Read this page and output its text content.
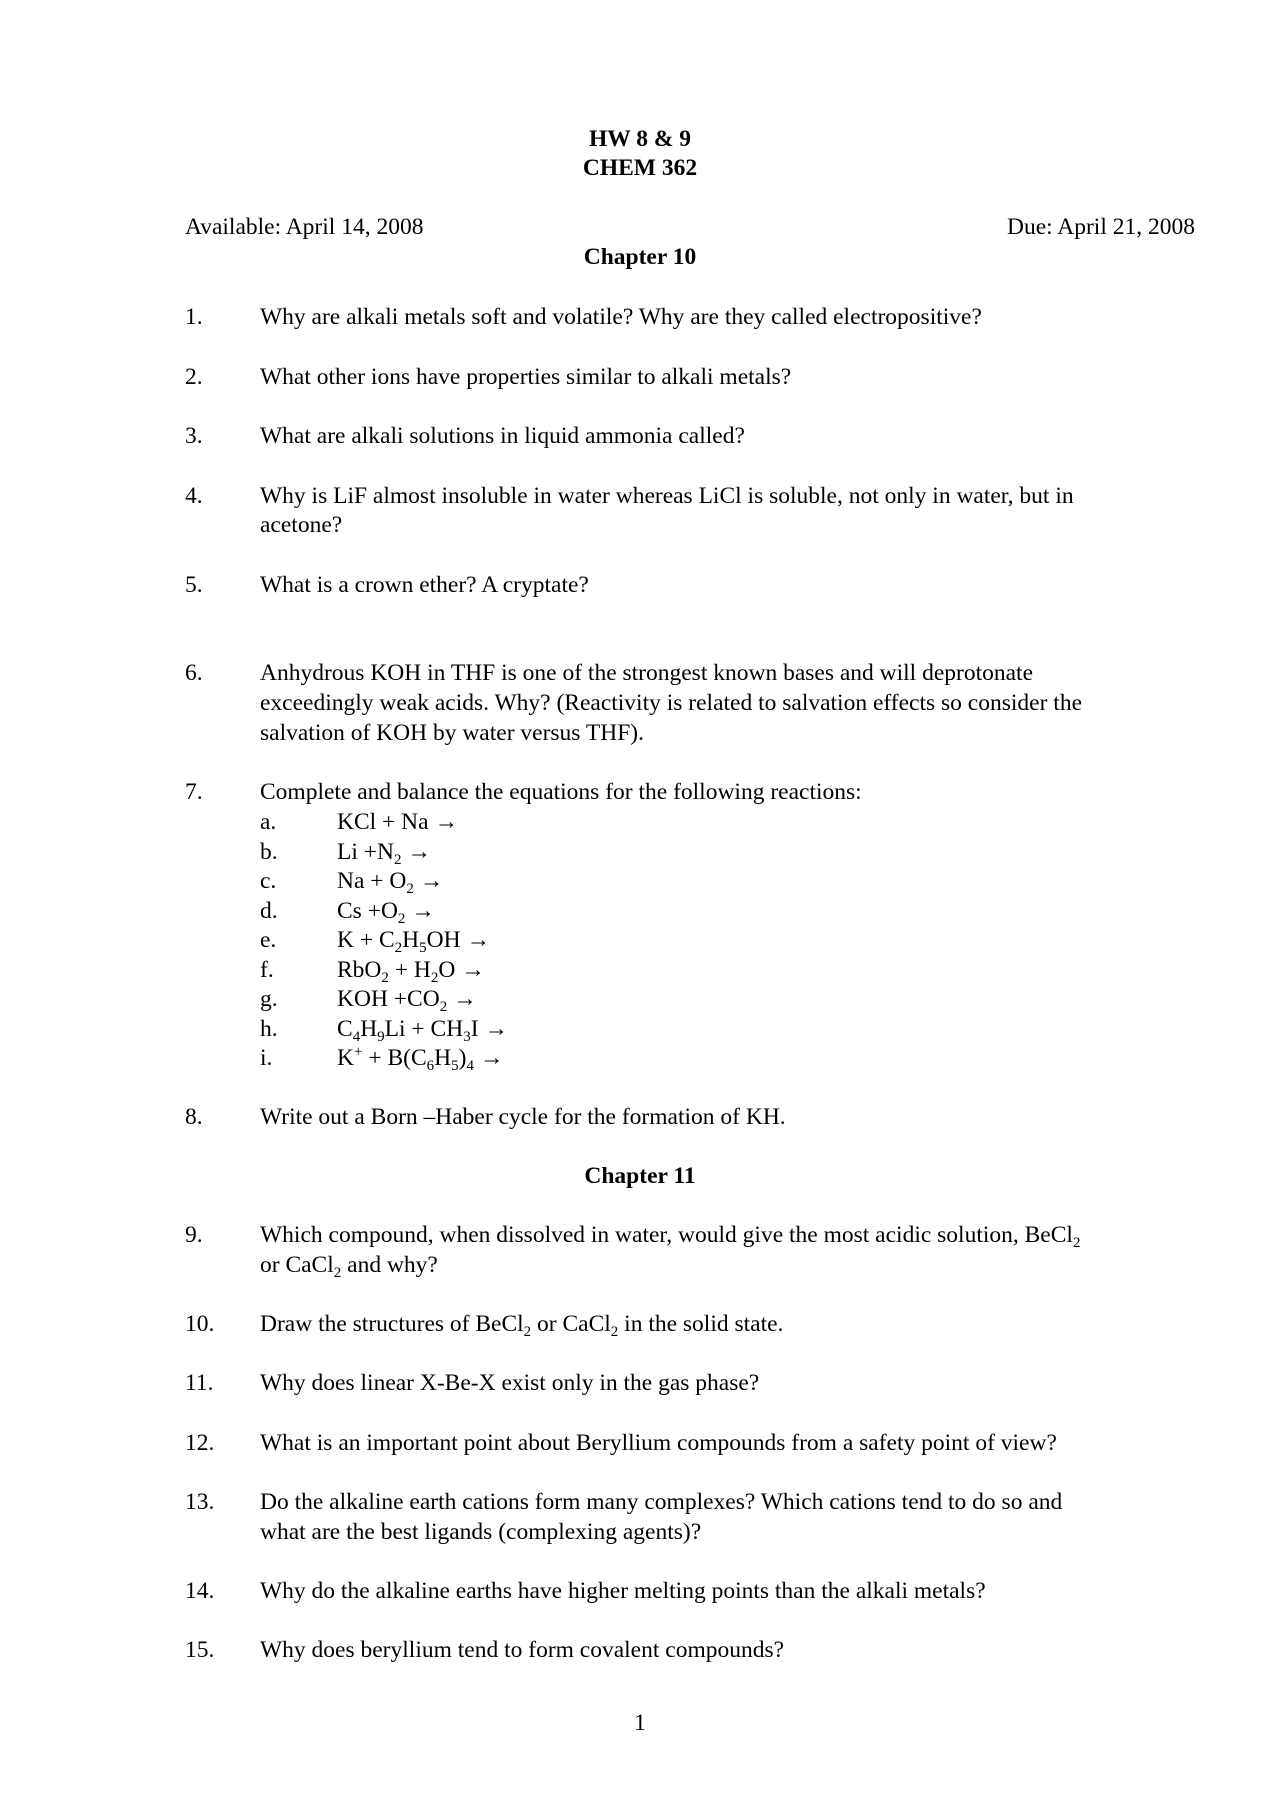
HW 8 & 9
CHEM 362
Available: April 14, 2008	Due: April 21, 2008
Chapter 10
1. Why are alkali metals soft and volatile? Why are they called electropositive?
2. What other ions have properties similar to alkali metals?
3. What are alkali solutions in liquid ammonia called?
4. Why is LiF almost insoluble in water whereas LiCl is soluble, not only in water, but in
acetone?
5. What is a crown ether? A cryptate?
6. Anhydrous KOH in THF is one of the strongest known bases and will deprotonate
exceedingly weak acids. Why? (Reactivity is related to salvation effects so consider the
salvation of KOH by water versus THF).
7. Complete and balance the equations for the following reactions:
a.	KCl + Na →
b.	$Li +N_2$ →
c.	$Na + O_2$ →
d.	$Cs +O_2$ →
e.	$K + C_2H_5OH$ →
f.	$RbO_2 + H_2O$ →
g.	KOH $+CO_2$ →
h.	$C_4H_9Li + CH_3I$ →
i.	$K^+ + B(C_6H_5)_4$ →
8. Write out a Born –Haber cycle for the formation of KH.
Chapter 11
9. Which compound, when dissolved in water, would give the most acidic solution, BeCl$_2$
or CaCl$_2$ and why?
10. Draw the structures of BeCl$_2$ or CaCl$_2$ in the solid state.
11. Why does linear X-Be-X exist only in the gas phase?
12. What is an important point about Beryllium compounds from a safety point of view?
13. Do the alkaline earth cations form many complexes? Which cations tend to do so and
what are the best ligands (complexing agents)?
14. Why do the alkaline earths have higher melting points than the alkali metals?
15. Why does beryllium tend to form covalent compounds?
1
